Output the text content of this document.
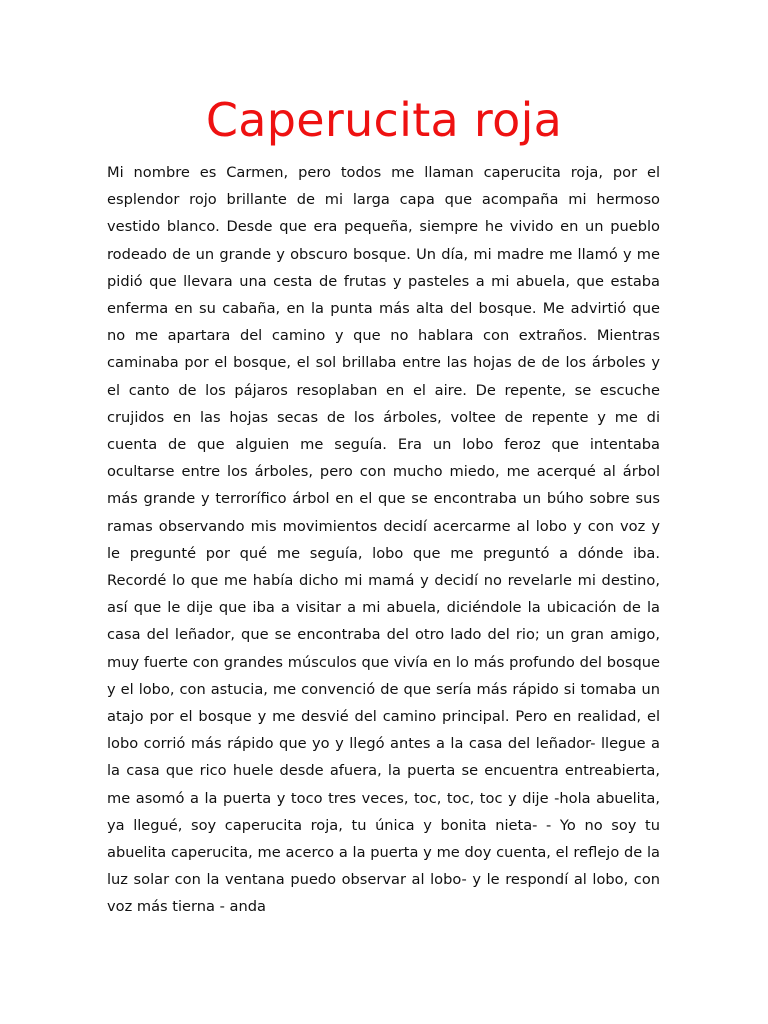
Caperucita roja

Mi nombre es Carmen, pero todos me llaman caperucita roja, por el esplendor rojo brillante de mi larga capa que acompaña mi hermoso vestido blanco. Desde que era pequeña, siempre he vivido en un pueblo rodeado de un grande y obscuro bosque. Un día, mi madre me llamó y me pidió que llevara una cesta de frutas y pasteles a mi abuela, que estaba enferma en su cabaña, en la punta más alta del bosque. Me advirtió que no me apartara del camino y que no hablara con extraños. Mientras caminaba por el bosque, el sol brillaba entre las hojas de de los árboles y el canto de los pájaros resoplaban en el aire. De repente, se escuche crujidos en las hojas secas de los árboles, voltee de repente y me di cuenta de que alguien me seguía. Era un lobo feroz que intentaba ocultarse entre los árboles, pero con mucho miedo, me acerqué al árbol más grande y terrorífico árbol en el que se encontraba un búho sobre sus ramas observando mis movimientos decidí acercarme al lobo y con voz y le pregunté por qué me seguía, lobo que me preguntó a dónde iba. Recordé lo que me había dicho mi mamá y decidí no revelarle mi destino, así que le dije que iba a visitar a mi abuela, diciéndole la ubicación de la casa del leñador, que se encontraba del otro lado del rio; un gran amigo, muy fuerte con grandes músculos que vivía en lo más profundo del bosque y el lobo, con astucia, me convenció de que sería más rápido si tomaba un atajo por el bosque y me desvié del camino principal. Pero en realidad, el lobo corrió más rápido que yo y llegó antes a la casa del leñador- llegue a la casa que rico huele desde afuera, la puerta se encuentra entreabierta, me asomó a la puerta y toco tres veces, toc, toc, toc y dije -hola abuelita, ya llegué, soy caperucita roja, tu única y bonita nieta- - Yo no soy tu abuelita caperucita, me acerco a la puerta y me doy cuenta, el reflejo de la luz solar con la ventana puedo observar al lobo- y le respondí al lobo, con voz más tierna - anda
